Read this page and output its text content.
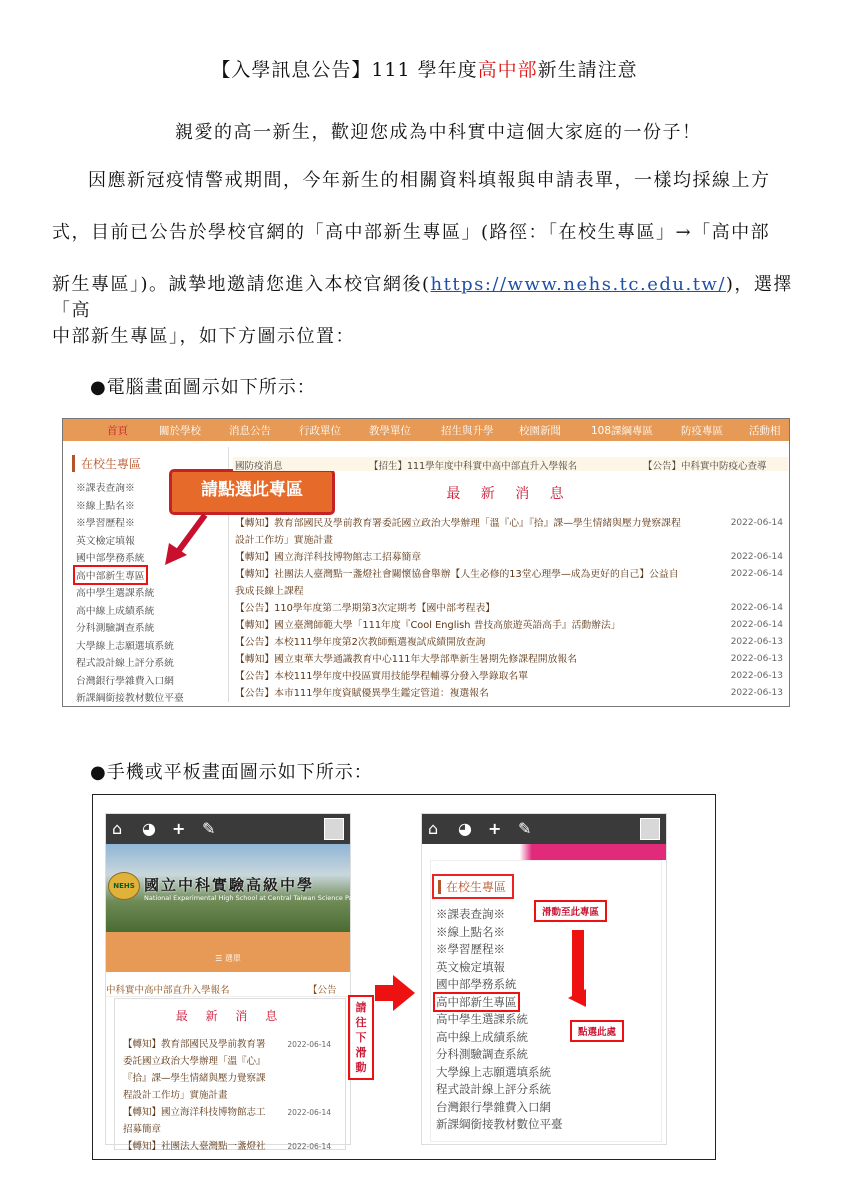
【入學訊息公告】111 學年度高中部新生請注意
親愛的高一新生，歡迎您成為中科實中這個大家庭的一份子！
因應新冠疫情警戒期間，今年新生的相關資料填報與申請表單，一樣均採線上方
式，目前已公告於學校官網的「高中部新生專區」(路徑：「在校生專區」→「高中部
新生專區」)。誠摯地邀請您進入本校官網後(https://www.nehs.tc.edu.tw/)，選擇「高
中部新生專區」，如下方圖示位置：
●電腦畫面圖示如下所示：
首頁	關於學校	消息公告	行政單位	教學單位	招生與升學 校園新聞	108課綱專區	防疫專區 活動相
在校生專區
※課表查詢※
※線上點名※
※學習歷程※
英文檢定填報
國中部學務系統
高中部新生專區
高中學生選課系統
高中線上成績系統
分科測驗調查系統
大學線上志願選填系統
程式設計線上評分系統
台灣銀行學雜費入口網
新課綱銜接教材數位平臺
請點選此專區
國防疫消息	【招生】111學年度中科實中高中部直升入學報名	【公告】中科實中防疫心查導
最 新 消 息
【轉知】教育部國民及學前教育署委託國立政治大學辦理「溫『心』『拾』課—學生情緒與壓力覺察課程	2022-06-14
設計工作坊」實施計畫
【轉知】國立海洋科技博物館志工招募簡章	2022-06-14
【轉知】社團法人臺灣點一盞燈社會關懷協會舉辦【人生必修的13堂心理學—成為更好的自己】公益自	2022-06-14
我成長線上課程
【公告】110學年度第二學期第3次定期考【國中部考程表】	2022-06-14
【轉知】國立臺灣師範大學「111年度『Cool English 普技高旅遊英語高手』活動辦法」	2022-06-14
【公告】本校111學年度第2次教師甄選複試成績開放查詢	2022-06-13
【轉知】國立東華大學通識教育中心111年大學部準新生暑期先修課程開放報名	2022-06-13
【公告】本校111學年度中投區實用技能學程輔導分發入學錄取名單	2022-06-13
【公告】本市111學年度資賦優異學生鑑定管道：複選報名	2022-06-13
●手機或平板畫面圖示如下所示：
⌂ ◕ + ✎
NEHS 國立中科實驗高級中學
National Experimental High School at Central Taiwan Science Park
☰ 選單
中科實中高中部直升入學報名	【公告
最 新 消 息
【轉知】教育部國民及學前教育署	2022-06-14
委託國立政治大學辦理「溫『心』
『拾』課—學生情緒與壓力覺察課
程設計工作坊」實施計畫
【轉知】國立海洋科技博物館志工	2022-06-14
招募簡章
【轉知】社團法人臺灣點一盞燈社	2022-06-14
請往下滑動
⌂ ◕ + ✎
在校生專區
※課表查詢※
※線上點名※
※學習歷程※
英文檢定填報
國中部學務系統
高中部新生專區
高中學生選課系統
高中線上成績系統
分科測驗調查系統
大學線上志願選填系統
程式設計線上評分系統
台灣銀行學雜費入口網
新課綱銜接教材數位平臺
滑動至此專區
點選此處
